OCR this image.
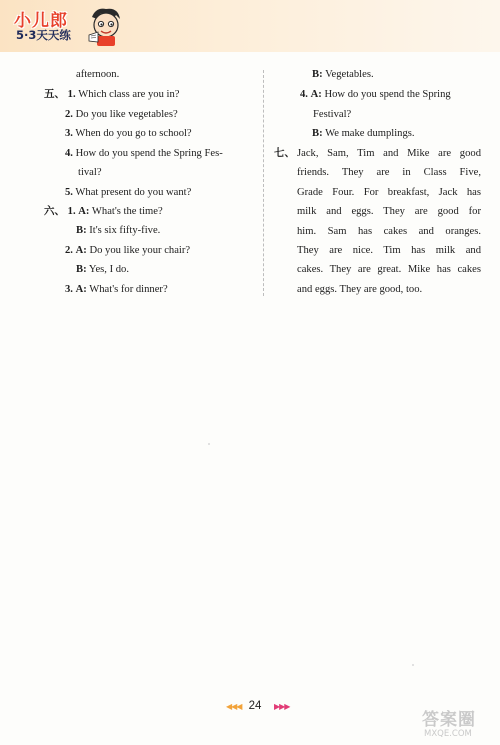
小儿郎
5·3天天练
afternoon.
五、 1. Which class are you in?
2. Do you like vegetables?
3. When do you go to school?
4. How do you spend the Spring Fes-
tival?
5. What present do you want?
六、 1. A: What's the time?
B: It's six fifty-five.
2. A: Do you like your chair?
B: Yes, I do.
3. A: What's for dinner?
B: Vegetables.
4. A: How do you spend the Spring
Festival?
B: We make dumplings.
七、 Jack, Sam, Tim and Mike are good
friends. They are in Class Five,
Grade Four. For breakfast, Jack has
milk and eggs. They are good for
him. Sam has cakes and oranges.
They are nice. Tim has milk and
cakes. They are great. Mike has cakes
and eggs. They are good, too.
◀◀◀ 24	▶▶▶
答案圈
MXQE.COM
